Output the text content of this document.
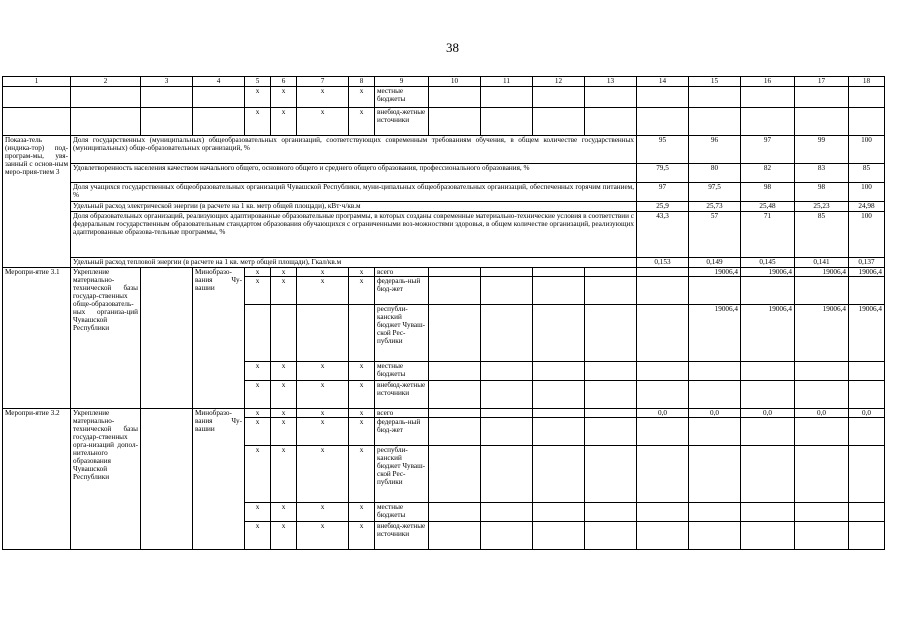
38
1	2	3	4	5	6	7	8	9	10	11	12	13	14	15	16	17	18
				x	x	x	x	местные бюджеты									
				x	x	x	x	внебюд-жетные источники									
Показа-тель (индика-тор) под-програм-мы, увя-занный с основ-ным меро-прия-тием 3	Доля государственных (муниципальных) общеобразовательных организаций, соответствующих современным требованиям обучения, в общем количестве государственных (муниципальных) обще-образовательных организаций, %												95	96	97	99	100
	Удовлетворенность населения качеством начального общего, основного общего и среднего общего образования, профессионального образования, %												79,5	80	82	83	85
	Доля учащихся государственных общеобразовательных организаций Чувашской Республики, муни-ципальных общеобразовательных организаций, обеспеченных горячим питанием, %												97	97,5	98	98	100
	Удельный расход электрической энергии (в расчете на 1 кв. метр общей площади), кВт·ч/кв.м												25,9	25,73	25,48	25,23	24,98
	Доля образовательных организаций, реализующих адаптированные образовательные программы, в которых созданы современные материально-технические условия в соответствии с федеральным государственным образовательным стандартом образования обучающихся с ограниченными воз-можностями здоровья, в общем количестве организаций, реализующих адаптированные образова-тельные программы, %												43,3	57	71	85	100
	Удельный расход тепловой энергии (в расчете на 1 кв. метр общей площади), Гкал/кв.м												0,153	0,149	0,145	0,141	0,137
Меропри-ятие 3.1	Укрепление материально-технической базы государ-ственных обще-образователь-ных организа-ций Чувашской Республики		Минобразо-вания Чу-вашии	x	x	x	x	всего						19006,4	19006,4	19006,4	19006,4
				x	x	x	x	федераль-ный бюд-жет									
								республи-канский бюджет Чуваш-ской Рес-публики						19006,4	19006,4	19006,4	19006,4
				x	x	x	x	местные бюджеты									
				x	x	x	x	внебюд-жетные источники									
Меропри-ятие 3.2	Укрепление материально-технической базы государ-ственных орга-низаций допол-нительного образования Чувашской Республики		Минобразо-вания Чу-вашии	x	x	x	x	всего					0,0	0,0	0,0	0,0	0,0
				x	x	x	x	федераль-ный бюд-жет									
				x	x	x	x	республи-канский бюджет Чуваш-ской Рес-публики									
				x	x	x	x	местные бюджеты									
				x	x	x	x	внебюд-жетные источники									
